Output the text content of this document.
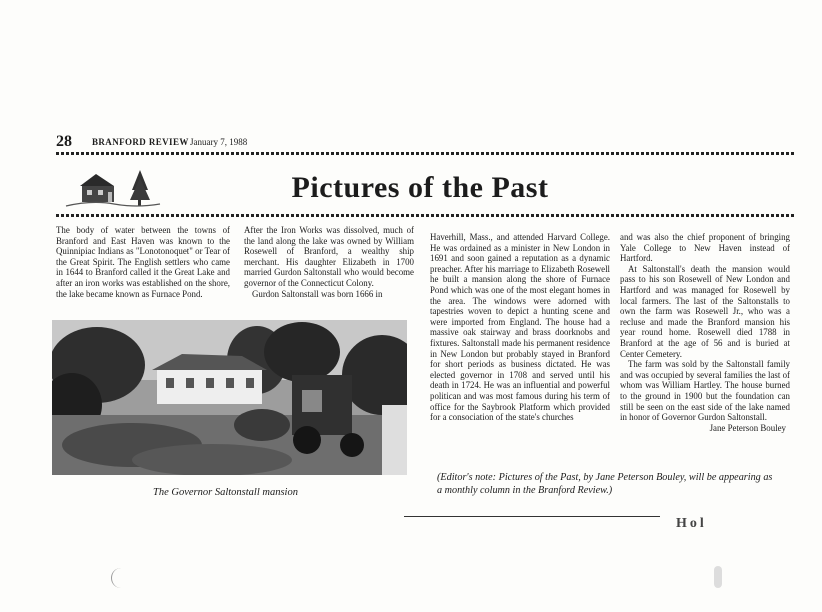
28 BRANFORD REVIEW January 7, 1988
Pictures of the Past

The body of water between the towns of Branford and East Haven was known to the Quinnipiac Indians as "Lonotonoquet" or Tear of the Great Spirit. The English settlers who came in 1644 to Branford called it the Great Lake and after an iron works was established on the shore, the lake became known as Furnace Pond.

After the Iron Works was dissolved, much of the land along the lake was owned by William Rosewell of Branford, a wealthy ship merchant. His daughter Elizabeth in 1700 married Gurdon Saltonstall who would become governor of the Connecticut Colony.

Gurdon Saltonstall was born 1666 in

Haverhill, Mass., and attended Harvard College. He was ordained as a minister in New London in 1691 and soon gained a reputation as a dynamic preacher. After his marriage to Elizabeth Rosewell he built a mansion along the shore of Furnace Pond which was one of the most elegant homes in the area. The windows were adorned with tapestries woven to depict a hunting scene and were imported from England. The house had a massive oak stairway and brass doorknobs and fixtures. Saltonstall made his permanent residence in New London but probably stayed in Branford for short periods as business dictated. He was elected governor in 1708 and served until his death in 1724. He was an influential and powerful politican and was most famous during his term of office for the Saybrook Platform which provided for a consociation of the state's churches

and was also the chief proponent of bringing Yale College to New Haven instead of Hartford.

At Saltonstall's death the mansion would pass to his son Rosewell of New London and Hartford and was managed for Rosewell by local farmers. The last of the Saltonstalls to own the farm was Rosewell Jr., who was a recluse and made the Branford mansion his year round home. Rosewell died 1788 in Branford at the age of 56 and is buried at Center Cemetery.

The farm was sold by the Saltonstall family and was occupied by several families the last of whom was William Hartley. The house burned to the ground in 1900 but the foundation can still be seen on the east side of the lake named in honor of Governor Gurdon Saltonstall.

Jane Peterson Bouley

The Governor Saltonstall mansion
(Editor's note: Pictures of the Past, by Jane Peterson Bouley, will be appearing as a monthly column in the Branford Review.)
Hol
